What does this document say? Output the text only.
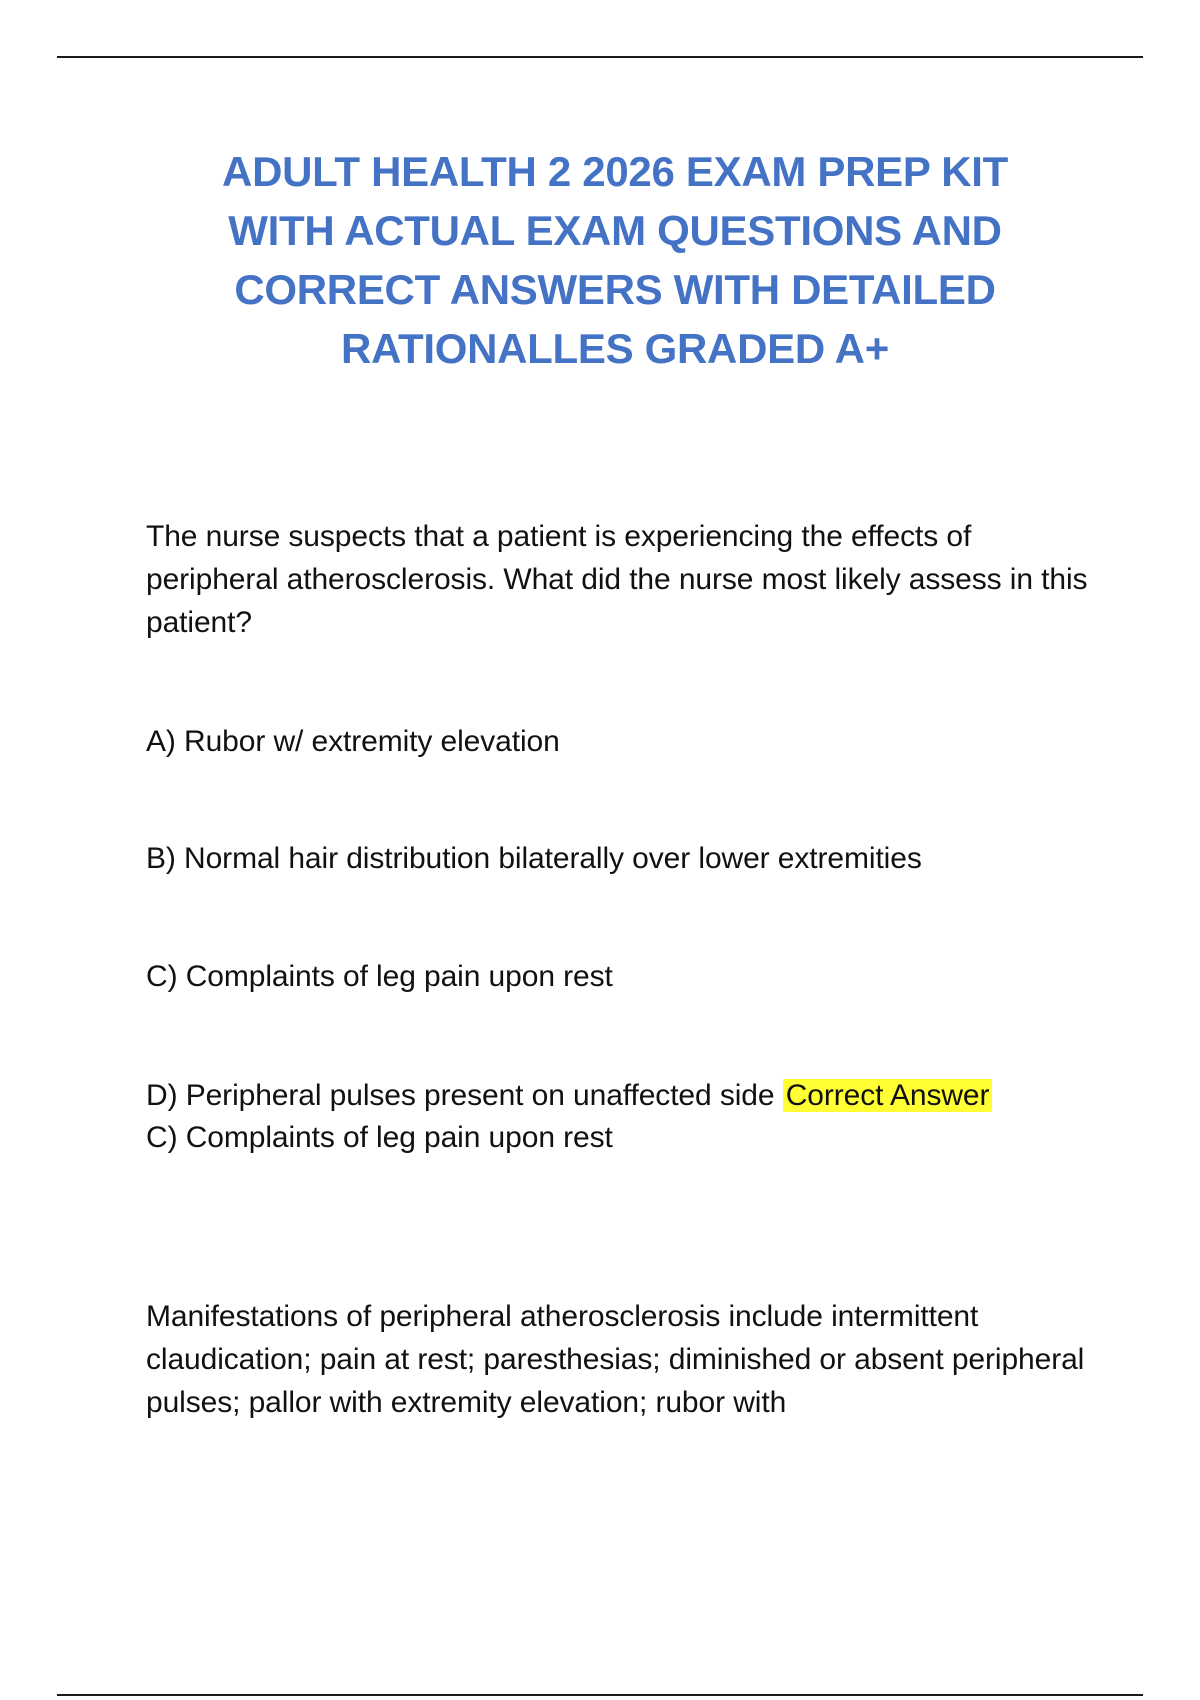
ADULT HEALTH 2 2026 EXAM PREP KIT
WITH ACTUAL EXAM QUESTIONS AND
CORRECT ANSWERS WITH DETAILED
RATIONALLES GRADED A+

The nurse suspects that a patient is experiencing the effects of peripheral atherosclerosis. What did the nurse most likely assess in this patient?

A) Rubor w/ extremity elevation

B) Normal hair distribution bilaterally over lower extremities

C) Complaints of leg pain upon rest

D) Peripheral pulses present on unaffected side Correct Answer

C) Complaints of leg pain upon rest

Manifestations of peripheral atherosclerosis include intermittent claudication; pain at rest; paresthesias; diminished or absent peripheral pulses; pallor with extremity elevation; rubor with
